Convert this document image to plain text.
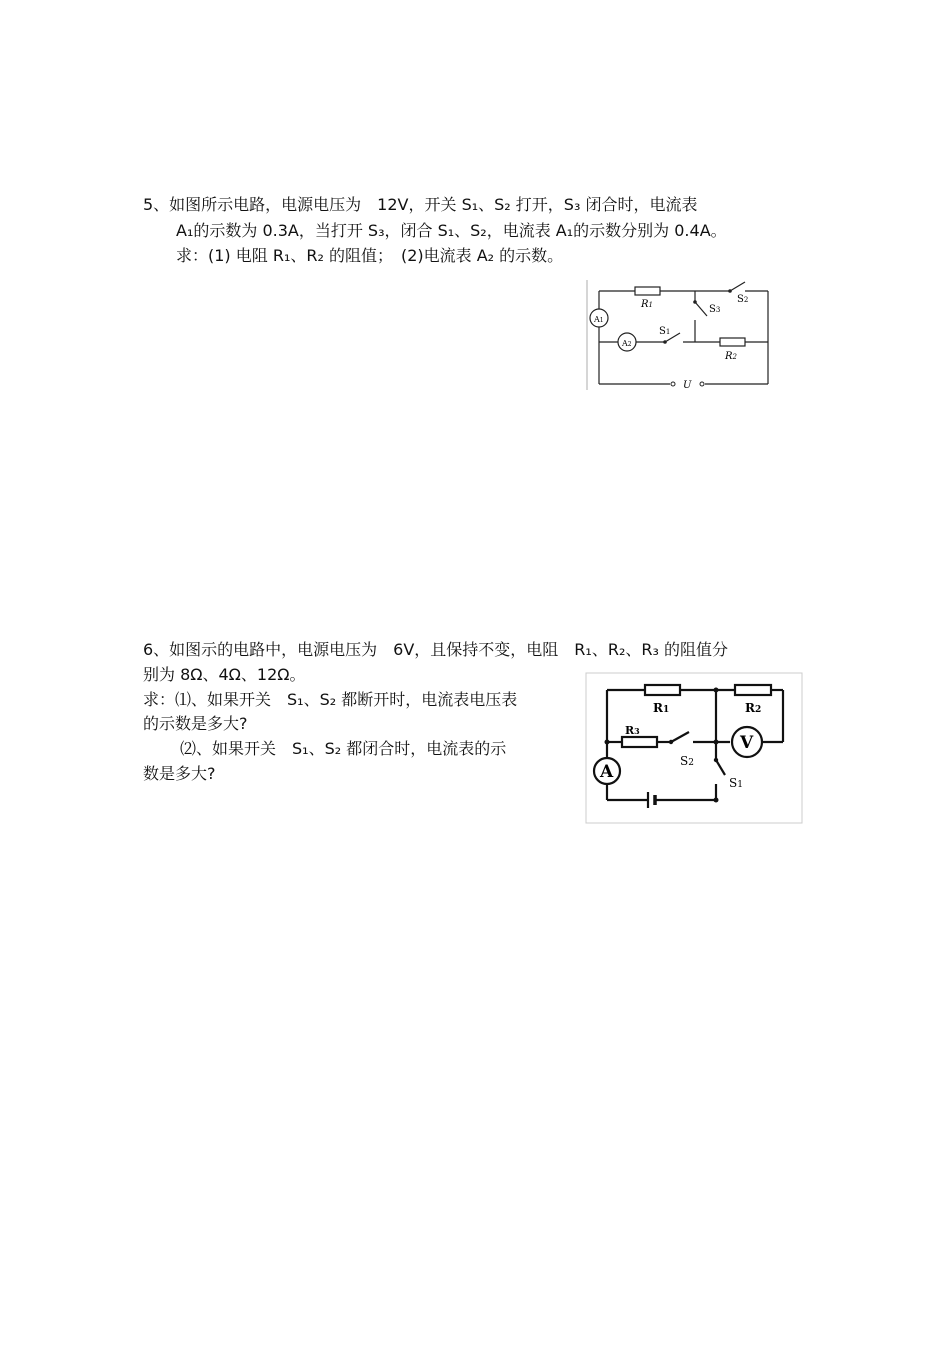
5、如图所示电路，电源电压为　12V，开关 S₁、S₂ 打开，S₃ 闭合时，电流表
A₁的示数为 0.3A，当打开 S₃，闭合 S₁、S₂，电流表 A₁的示数分别为 0.4A。
求：(1) 电阻 R₁、R₂ 的阻值；　(2)电流表 A₂ 的示数。
R1
R2
S1
S2
S3
A1
A2
U
6、如图示的电路中，电源电压为　6V，且保持不变，电阻　R₁、R₂、R₃ 的阻值分
别为 8Ω、4Ω、12Ω。
求：⑴、如果开关　S₁、S₂ 都断开时，电流表电压表
的示数是多大?
⑵、如果开关　S₁、S₂ 都闭合时，电流表的示
数是多大?	A
V
R1	R2
R3
S2
S1
